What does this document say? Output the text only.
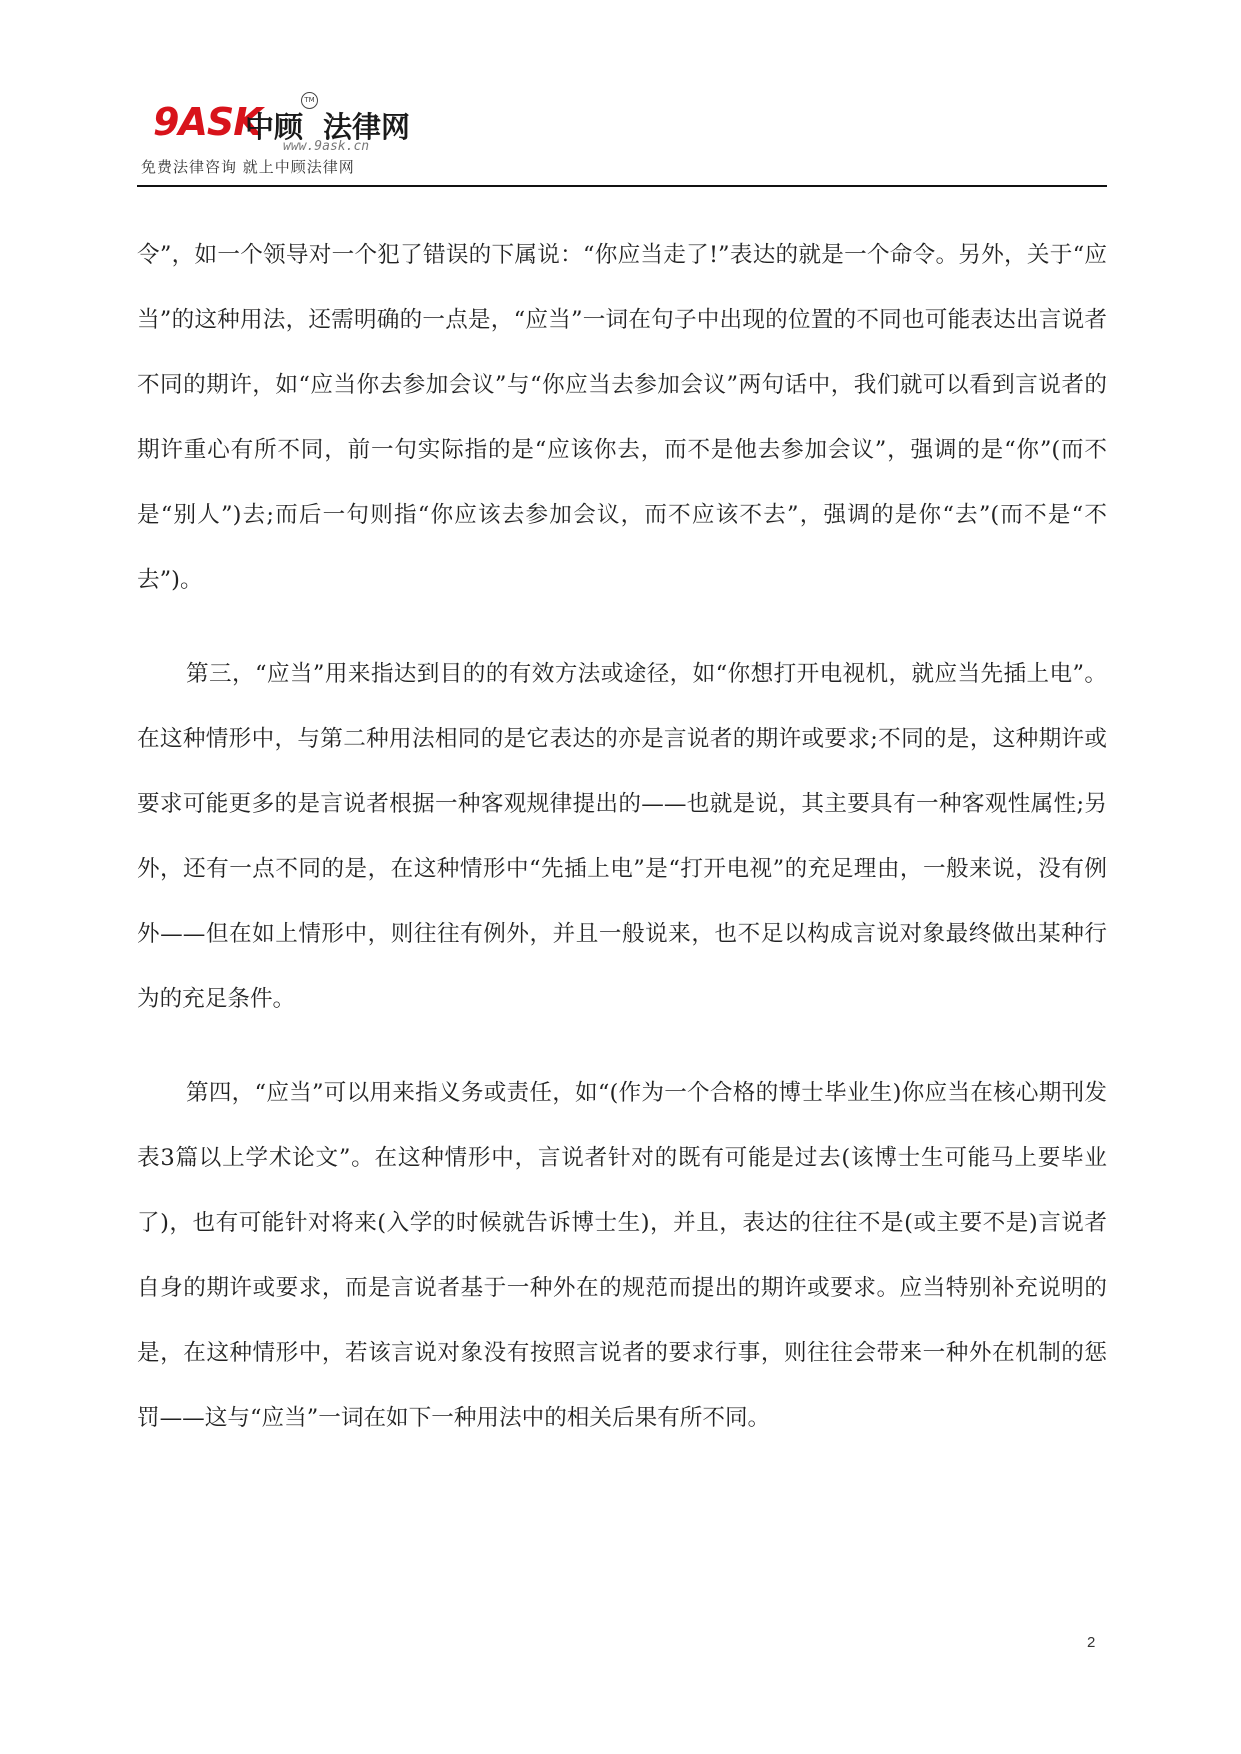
9ASK
中顾 法律网
TM
www.9ask.cn
免费法律咨询 就上中顾法律网

令”，如一个领导对一个犯了错误的下属说：“你应当走了!”表达的就是一个命令。另外，关于“应当”的这种用法，还需明确的一点是，“应当”一词在句子中出现的位置的不同也可能表达出言说者不同的期许，如“应当你去参加会议”与“你应当去参加会议”两句话中，我们就可以看到言说者的期许重心有所不同，前一句实际指的是“应该你去，而不是他去参加会议”，强调的是“你”(而不是“别人”)去;而后一句则指“你应该去参加会议，而不应该不去”，强调的是你“去”(而不是“不去”)。

第三，“应当”用来指达到目的的有效方法或途径，如“你想打开电视机，就应当先插上电”。在这种情形中，与第二种用法相同的是它表达的亦是言说者的期许或要求;不同的是，这种期许或要求可能更多的是言说者根据一种客观规律提出的——也就是说，其主要具有一种客观性属性;另外，还有一点不同的是，在这种情形中“先插上电”是“打开电视”的充足理由，一般来说，没有例外——但在如上情形中，则往往有例外，并且一般说来，也不足以构成言说对象最终做出某种行为的充足条件。

第四，“应当”可以用来指义务或责任，如“(作为一个合格的博士毕业生)你应当在核心期刊发表3篇以上学术论文”。在这种情形中，言说者针对的既有可能是过去(该博士生可能马上要毕业了)，也有可能针对将来(入学的时候就告诉博士生)，并且，表达的往往不是(或主要不是)言说者自身的期许或要求，而是言说者基于一种外在的规范而提出的期许或要求。应当特别补充说明的是，在这种情形中，若该言说对象没有按照言说者的要求行事，则往往会带来一种外在机制的惩罚——这与“应当”一词在如下一种用法中的相关后果有所不同。

2
